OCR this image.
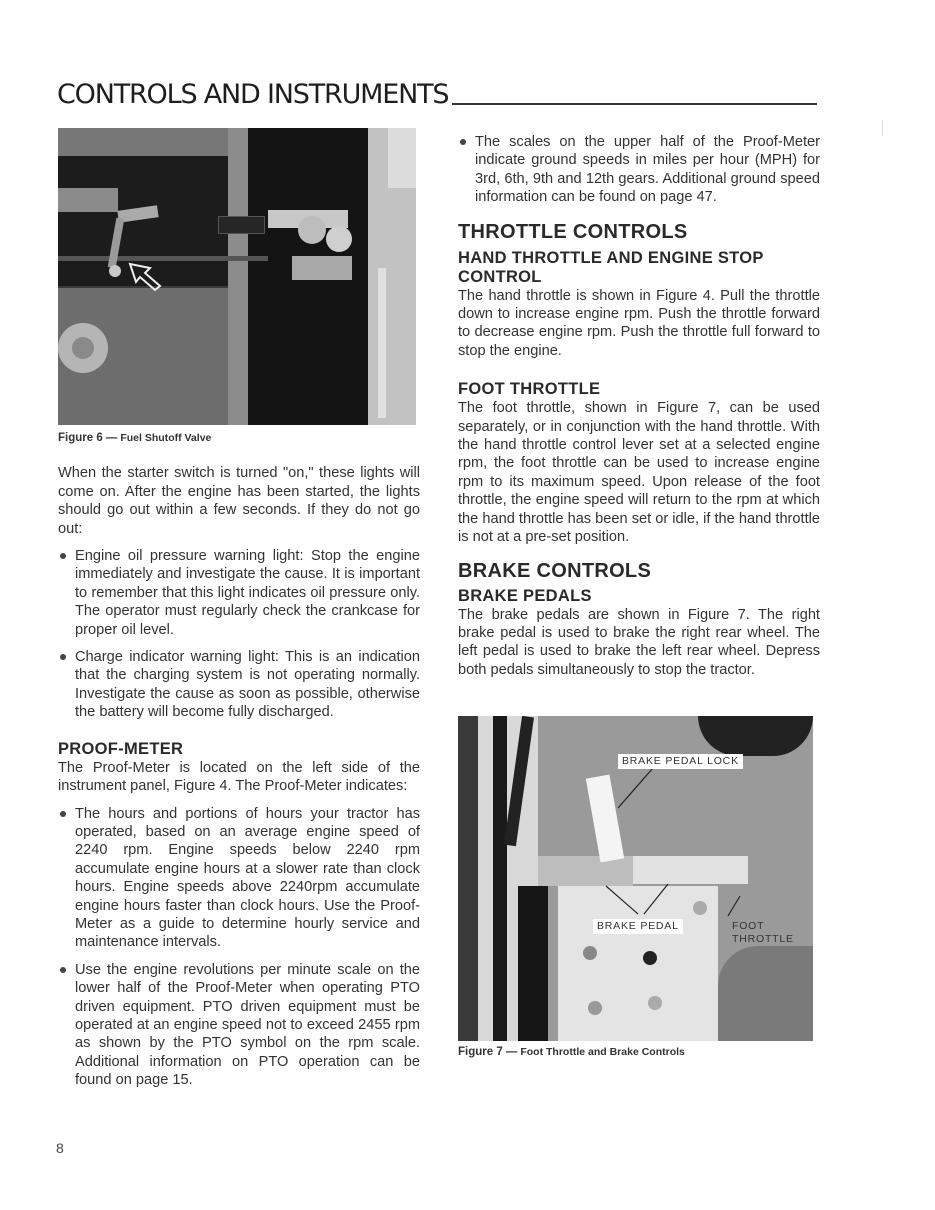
CONTROLS AND INSTRUMENTS

Figure 6 — Fuel Shutoff Valve

When the starter switch is turned "on," these lights will come on. After the engine has been started, the lights should go out within a few seconds. If they do not go out:

Engine oil pressure warning light: Stop the engine immediately and investigate the cause. It is important to remember that this light indicates oil pressure only. The operator must regularly check the crankcase for proper oil level.
Charge indicator warning light: This is an indication that the charging system is not operating normally. Investigate the cause as soon as possible, otherwise the battery will become fully discharged.

PROOF-METER

The Proof-Meter is located on the left side of the instrument panel, Figure 4. The Proof-Meter indicates:

The hours and portions of hours your tractor has operated, based on an average engine speed of 2240 rpm. Engine speeds below 2240 rpm accumulate engine hours at a slower rate than clock hours. Engine speeds above 2240rpm accumulate engine hours faster than clock hours. Use the Proof-Meter as a guide to determine hourly service and maintenance intervals.
Use the engine revolutions per minute scale on the lower half of the Proof-Meter when operating PTO driven equipment. PTO driven equipment must be operated at an engine speed not to exceed 2455 rpm as shown by the PTO symbol on the rpm scale. Additional information on PTO operation can be found on page 15.
The scales on the upper half of the Proof-Meter indicate ground speeds in miles per hour (MPH) for 3rd, 6th, 9th and 12th gears. Additional ground speed information can be found on page 47.

THROTTLE CONTROLS

HAND THROTTLE AND ENGINE STOP CONTROL

The hand throttle is shown in Figure 4. Pull the throttle down to increase engine rpm. Push the throttle forward to decrease engine rpm. Push the throttle full forward to stop the engine.

FOOT THROTTLE

The foot throttle, shown in Figure 7, can be used separately, or in conjunction with the hand throttle. With the hand throttle control lever set at a selected engine rpm, the foot throttle can be used to increase engine rpm to its maximum speed. Upon release of the foot throttle, the engine speed will return to the rpm at which the hand throttle has been set or idle, if the hand throttle is not at a pre-set position.

BRAKE CONTROLS

BRAKE PEDALS

The brake pedals are shown in Figure 7. The right brake pedal is used to brake the right rear wheel. The left pedal is used to brake the left rear wheel. Depress both pedals simultaneously to stop the tractor.

BRAKE PEDAL LOCK
BRAKE PEDAL	FOOT
THROTTLE

Figure 7 — Foot Throttle and Brake Controls

8
